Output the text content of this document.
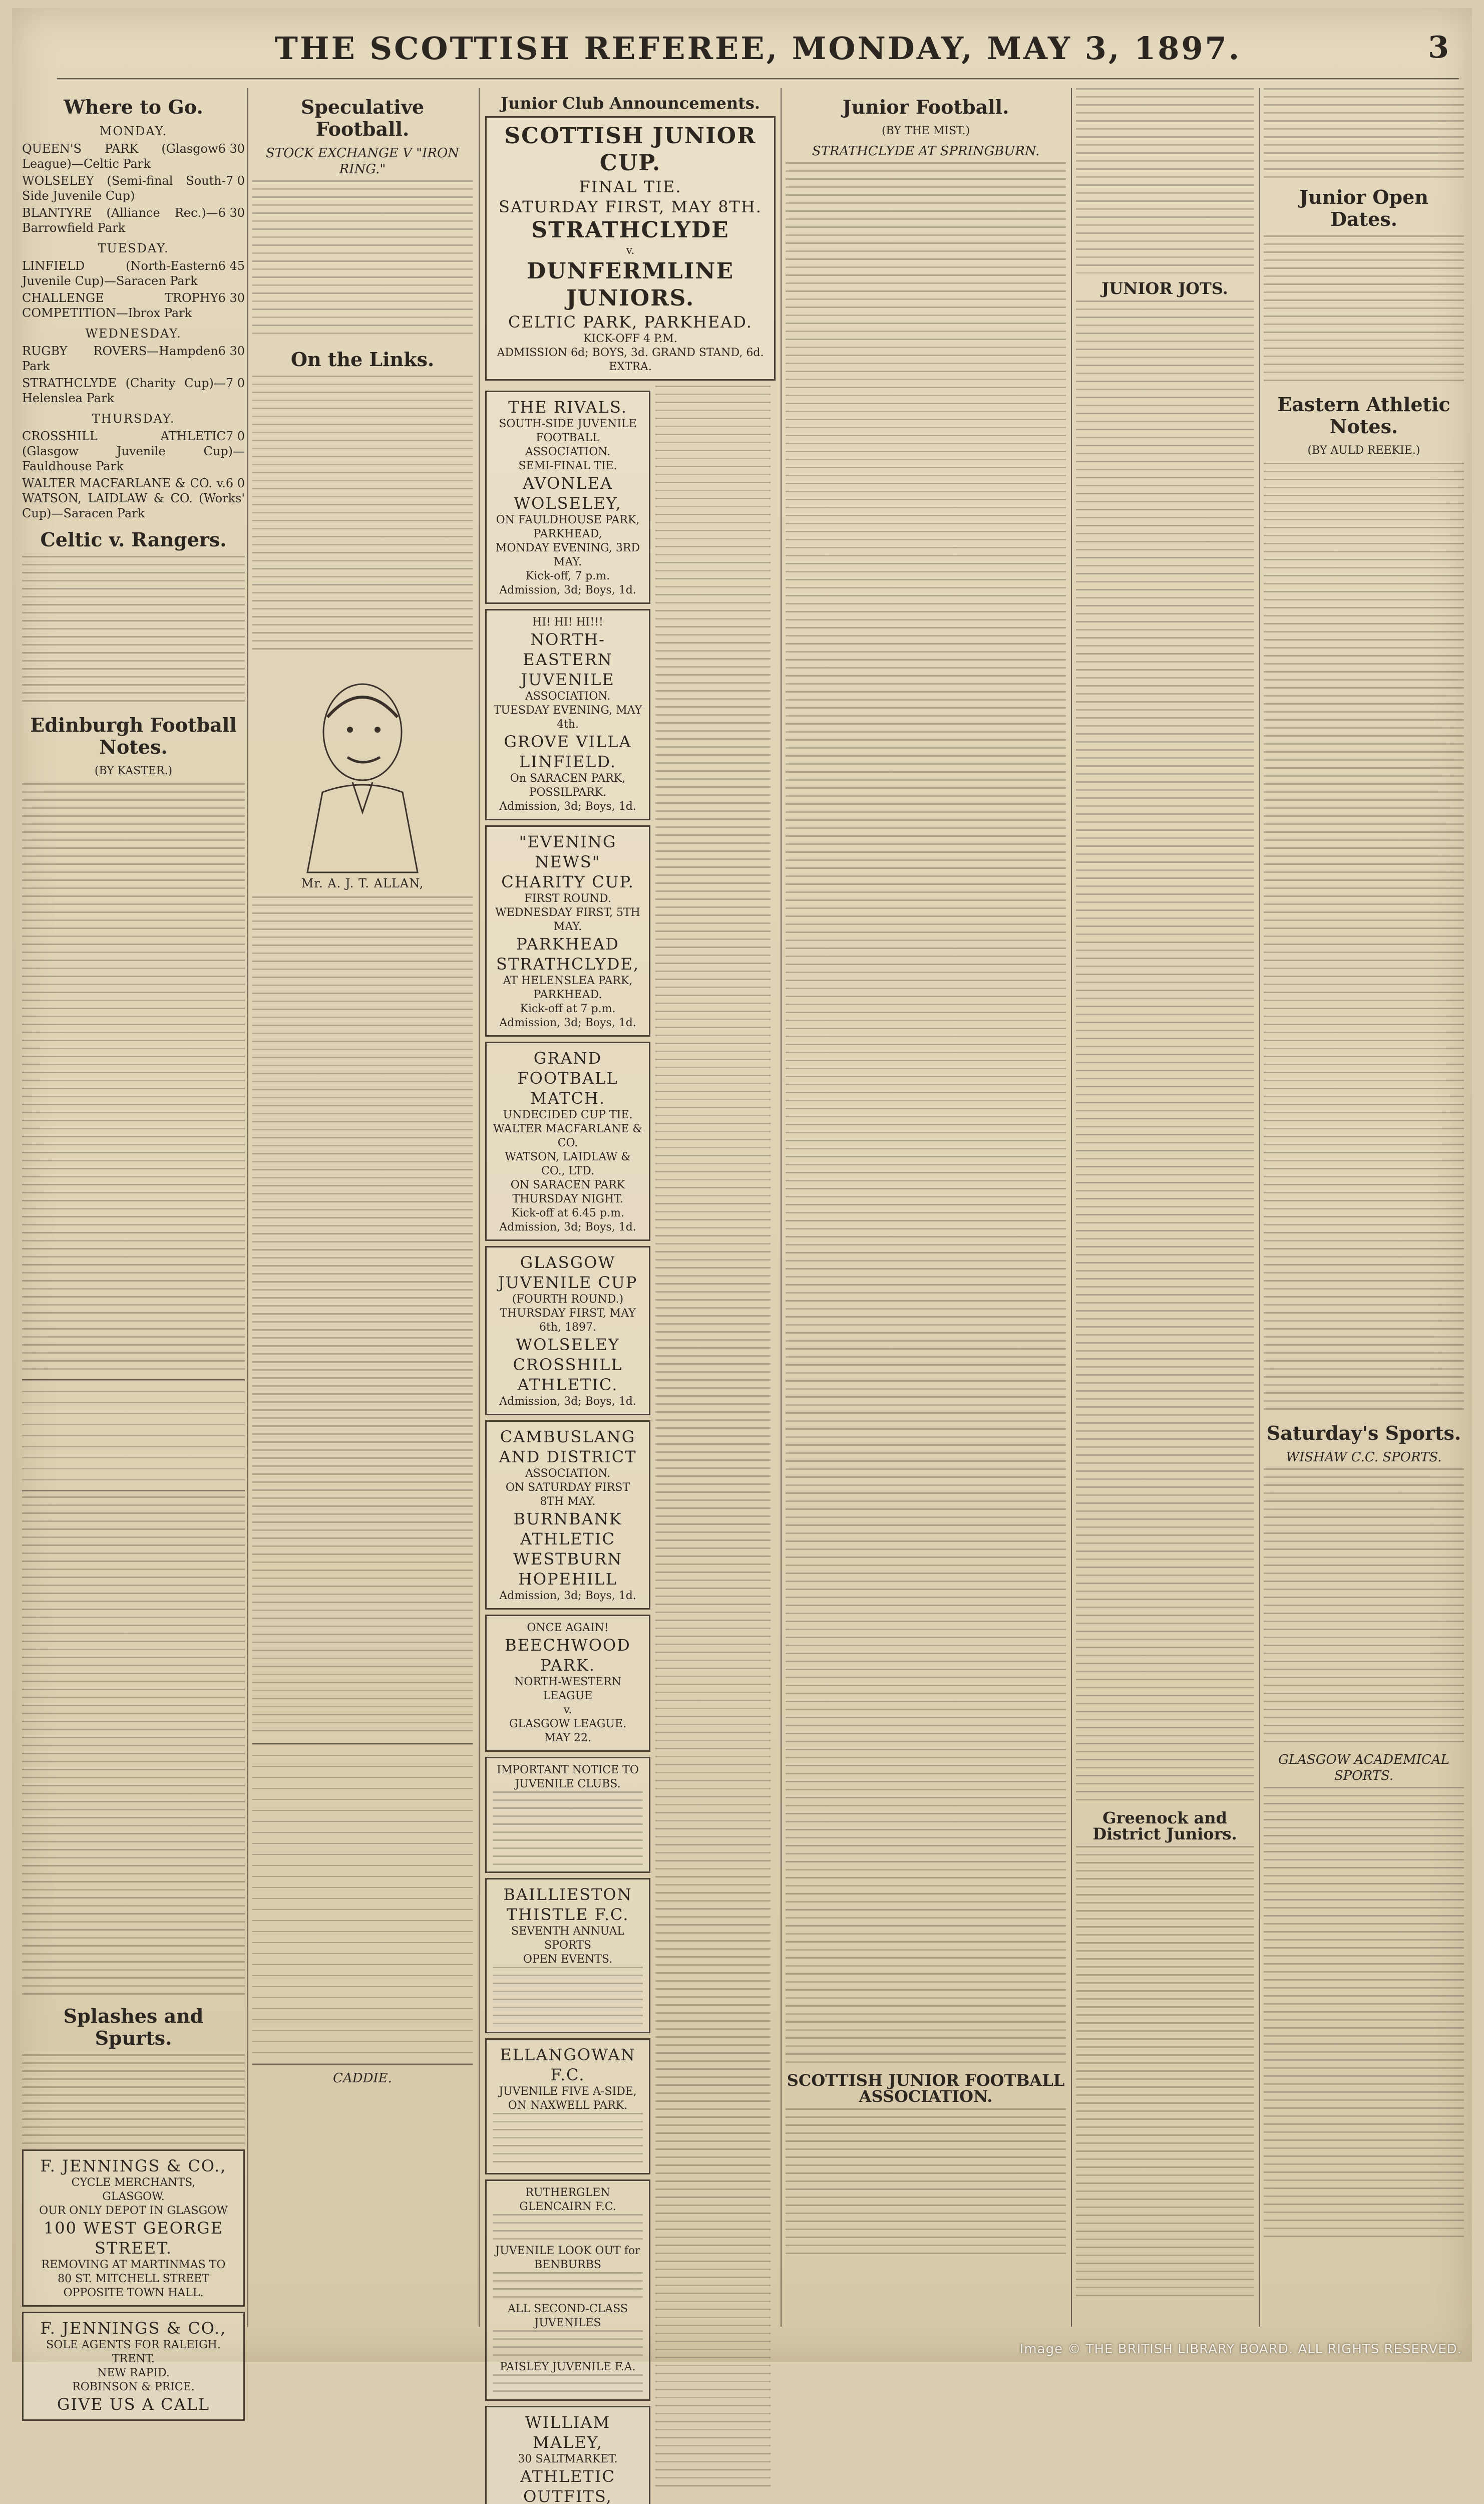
THE SCOTTISH REFEREE, MONDAY, MAY 3, 1897.	3
Where to Go.
MONDAY.
6 30
QUEEN'S PARK (Glasgow League)—Celtic Park
7 0
WOLSELEY (Semi-final South-Side Juvenile Cup)
6 30
BLANTYRE (Alliance Rec.)—Barrowfield Park
TUESDAY.
6 45
LINFIELD (North-Eastern Juvenile Cup)—Saracen Park
6 30
CHALLENGE TROPHY COMPETITION—Ibrox Park
WEDNESDAY.
6 30
RUGBY ROVERS—Hampden Park
7 0
STRATHCLYDE (Charity Cup)—Helenslea Park
THURSDAY.
7 0
CROSSHILL ATHLETIC (Glasgow Juvenile Cup)—Fauldhouse Park
6 0
WALTER MACFARLANE & CO. v. WATSON, LAIDLAW & CO. (Works' Cup)—Saracen Park
Celtic v. Rangers.
Edinburgh Football Notes.
(BY KASTER.)
Splashes and Spurts.
F. JENNINGS & CO.,
CYCLE MERCHANTS,
GLASGOW.
OUR ONLY DEPOT IN GLASGOW
100 WEST GEORGE STREET.
REMOVING AT MARTINMAS TO
80 ST. MITCHELL STREET
OPPOSITE TOWN HALL.
F. JENNINGS & CO.,
SOLE AGENTS FOR RALEIGH.
TRENT.
NEW RAPID.
ROBINSON & PRICE.
GIVE US A CALL
Speculative Football.
STOCK EXCHANGE V "IRON RING."
On the Links.
Mr. A. J. T. ALLAN,
CADDIE.
Junior Club Announcements.
SCOTTISH JUNIOR CUP.
FINAL TIE.
SATURDAY FIRST, MAY 8TH.
STRATHCLYDE
v.
DUNFERMLINE JUNIORS.
CELTIC PARK, PARKHEAD.
KICK-OFF 4 P.M.
ADMISSION 6d; BOYS, 3d. GRAND STAND, 6d. EXTRA.
THE RIVALS.
SOUTH-SIDE JUVENILE FOOTBALL ASSOCIATION.
SEMI-FINAL TIE.
AVONLEA
WOLSELEY,
ON FAULDHOUSE PARK, PARKHEAD,
MONDAY EVENING, 3RD MAY.
Kick-off, 7 p.m.
Admission, 3d; Boys, 1d.
HI! HI! HI!!!
NORTH-EASTERN JUVENILE
ASSOCIATION.
TUESDAY EVENING, MAY 4th.
GROVE VILLA
LINFIELD.
On SARACEN PARK, POSSILPARK.
Admission, 3d; Boys, 1d.
"EVENING NEWS" CHARITY CUP.
FIRST ROUND.
WEDNESDAY FIRST, 5TH MAY.
PARKHEAD
STRATHCLYDE,
AT HELENSLEA PARK, PARKHEAD.
Kick-off at 7 p.m.
Admission, 3d; Boys, 1d.
GRAND FOOTBALL MATCH.
UNDECIDED CUP TIE.
WALTER MACFARLANE & CO.
WATSON, LAIDLAW & CO., LTD.
ON SARACEN PARK
THURSDAY NIGHT.
Kick-off at 6.45 p.m.
Admission, 3d; Boys, 1d.
GLASGOW JUVENILE CUP
(FOURTH ROUND.)
THURSDAY FIRST, MAY 6th, 1897.
WOLSELEY
CROSSHILL ATHLETIC.
Admission, 3d; Boys, 1d.
CAMBUSLANG AND DISTRICT
ASSOCIATION.
ON SATURDAY FIRST 8TH MAY.
BURNBANK ATHLETIC
WESTBURN HOPEHILL
Admission, 3d; Boys, 1d.
ONCE AGAIN!
BEECHWOOD PARK.
NORTH-WESTERN LEAGUE
v.
GLASGOW LEAGUE.
MAY 22.
IMPORTANT NOTICE TO JUVENILE CLUBS.
BAILLIESTON THISTLE F.C.
SEVENTH ANNUAL SPORTS
OPEN EVENTS.
ELLANGOWAN F.C.
JUVENILE FIVE A-SIDE,
ON NAXWELL PARK.
RUTHERGLEN GLENCAIRN F.C.
JUVENILE LOOK OUT for BENBURBS
ALL SECOND-CLASS JUVENILES
PAISLEY JUVENILE F.A.
WILLIAM MALEY,
30 SALTMARKET.
ATHLETIC OUTFITS,
Junior Football.
(BY THE MIST.)
STRATHCLYDE AT SPRINGBURN.
SCOTTISH JUNIOR FOOTBALL ASSOCIATION.
JUNIOR JOTS.
Greenock and District Juniors.
Junior Open Dates.
Eastern Athletic Notes.
(BY AULD REEKIE.)
Saturday's Sports.
WISHAW C.C. SPORTS.
GLASGOW ACADEMICAL SPORTS.
Image © THE BRITISH LIBRARY BOARD. ALL RIGHTS RESERVED.
